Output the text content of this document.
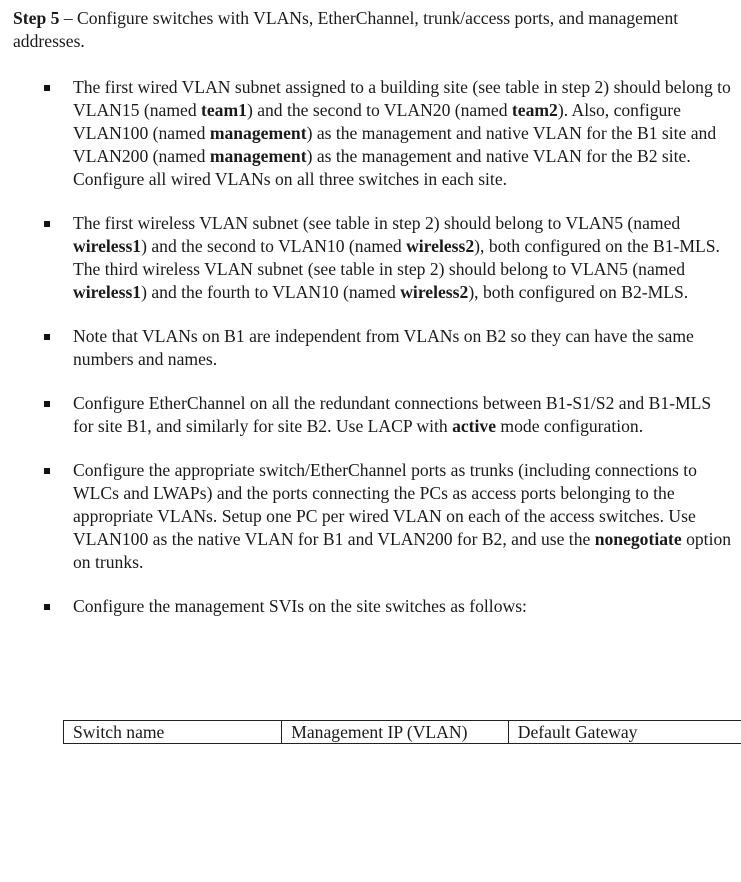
Step 5 – Configure switches with VLANs, EtherChannel, trunk/access ports, and management addresses.
The first wired VLAN subnet assigned to a building site (see table in step 2) should belong to VLAN15 (named team1) and the second to VLAN20 (named team2). Also, configure VLAN100 (named management) as the management and native VLAN for the B1 site and VLAN200 (named management) as the management and native VLAN for the B2 site. Configure all wired VLANs on all three switches in each site.
The first wireless VLAN subnet (see table in step 2) should belong to VLAN5 (named wireless1) and the second to VLAN10 (named wireless2), both configured on the B1-MLS. The third wireless VLAN subnet (see table in step 2) should belong to VLAN5 (named wireless1) and the fourth to VLAN10 (named wireless2), both configured on B2-MLS.
Note that VLANs on B1 are independent from VLANs on B2 so they can have the same numbers and names.
Configure EtherChannel on all the redundant connections between B1-S1/S2 and B1-MLS for site B1, and similarly for site B2. Use LACP with active mode configuration.
Configure the appropriate switch/EtherChannel ports as trunks (including connections to WLCs and LWAPs) and the ports connecting the PCs as access ports belonging to the appropriate VLANs. Setup one PC per wired VLAN on each of the access switches. Use VLAN100 as the native VLAN for B1 and VLAN200 for B2, and use the nonegotiate option on trunks.
Configure the management SVIs on the site switches as follows:
Switch name	Management IP (VLAN)	Default Gateway
